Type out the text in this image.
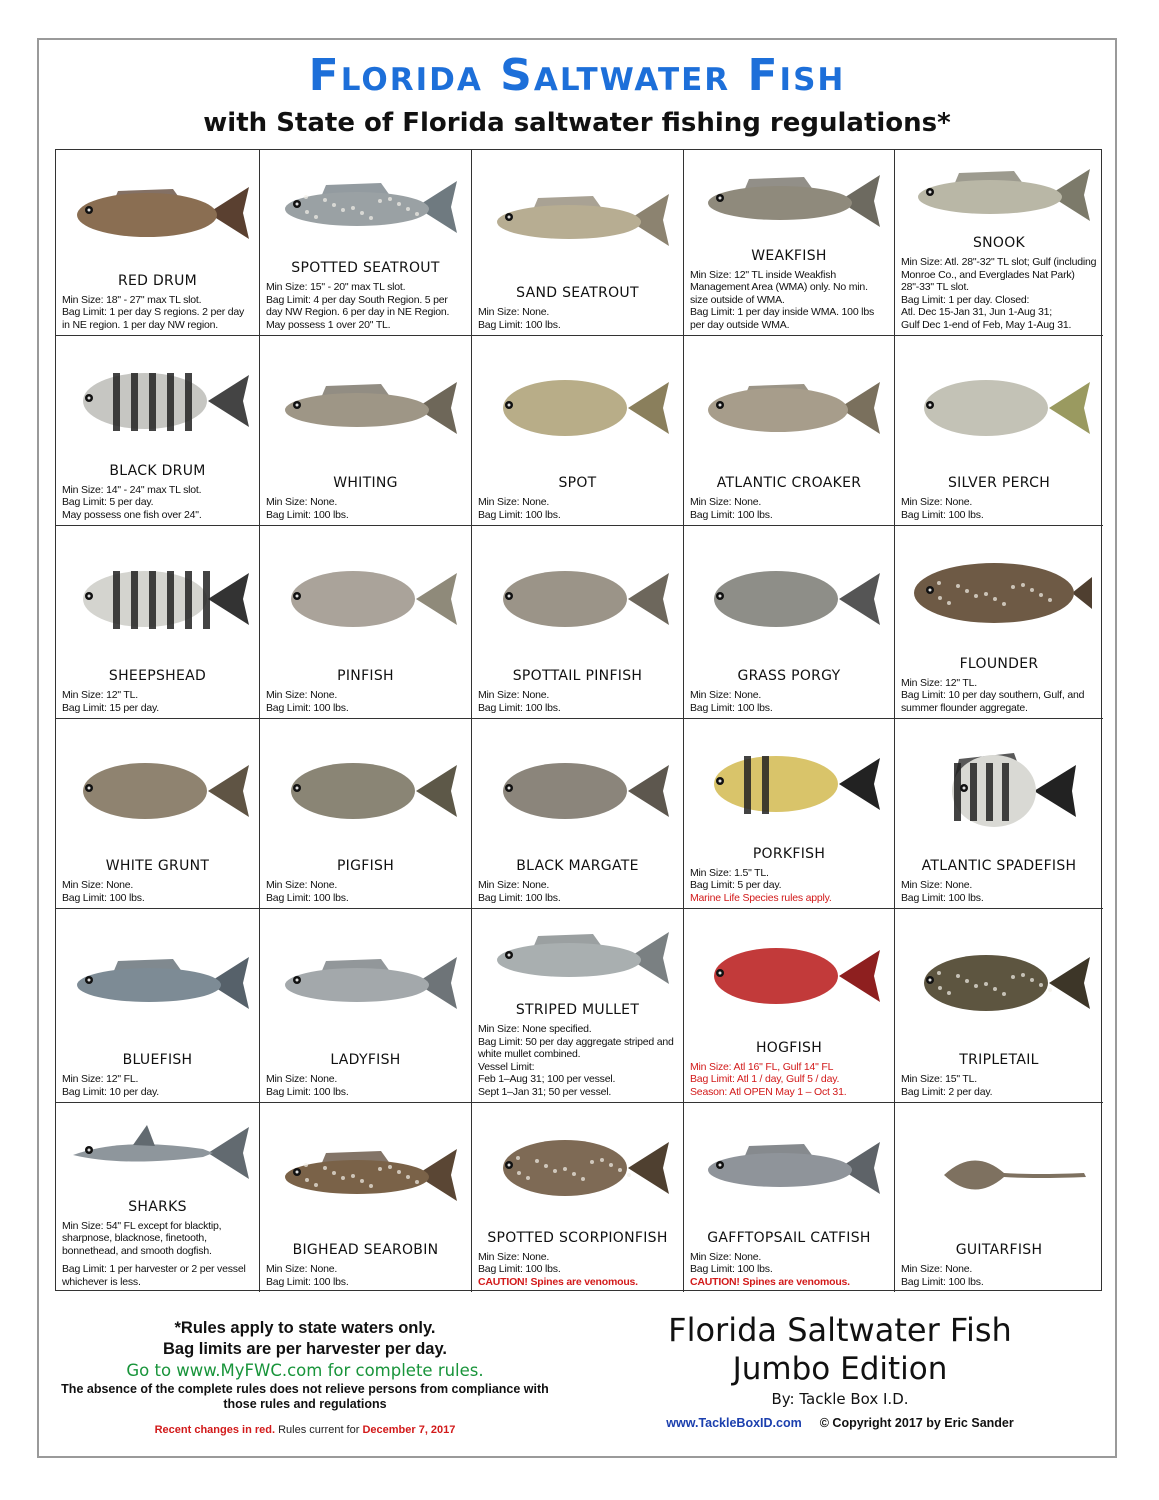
Florida Saltwater Fish
with State of Florida saltwater fishing regulations*
RED DRUM

Min Size: 18" - 27" max TL slot.

Bag Limit: 1 per day S regions. 2 per day in NE region. 1 per day NW region.

SPOTTED SEATROUT

Min Size: 15" - 20" max TL slot.

Bag Limit: 4 per day South Region. 5 per day NW Region. 6 per day in NE Region. May possess 1 over 20" TL.

SAND SEATROUT

Min Size: None.

Bag Limit: 100 lbs.

WEAKFISH

Min Size: 12" TL inside Weakfish Management Area (WMA) only. No min. size outside of WMA.

Bag Limit: 1 per day inside WMA. 100 lbs per day outside WMA.

SNOOK

Min Size: Atl. 28"-32" TL slot; Gulf (including Monroe Co., and Everglades Nat Park) 28"-33" TL slot.

Bag Limit: 1 per day. Closed:

Atl. Dec 15-Jan 31, Jun 1-Aug 31;

Gulf Dec 1-end of Feb, May 1-Aug 31.

BLACK DRUM

Min Size: 14" - 24" max TL slot.

Bag Limit: 5 per day.

May possess one fish over 24".

WHITING

Min Size: None.

Bag Limit: 100 lbs.

SPOT

Min Size: None.

Bag Limit: 100 lbs.

ATLANTIC CROAKER

Min Size: None.

Bag Limit: 100 lbs.

SILVER PERCH

Min Size: None.

Bag Limit: 100 lbs.

SHEEPSHEAD

Min Size: 12" TL.

Bag Limit: 15 per day.

PINFISH

Min Size: None.

Bag Limit: 100 lbs.

SPOTTAIL PINFISH

Min Size: None.

Bag Limit: 100 lbs.

GRASS PORGY

Min Size: None.

Bag Limit: 100 lbs.

FLOUNDER

Min Size: 12" TL.

Bag Limit: 10 per day southern, Gulf, and summer flounder aggregate.

WHITE GRUNT

Min Size: None.

Bag Limit: 100 lbs.

PIGFISH

Min Size: None.

Bag Limit: 100 lbs.

BLACK MARGATE

Min Size: None.

Bag Limit: 100 lbs.

PORKFISH

Min Size: 1.5" TL.

Bag Limit: 5 per day.

Marine Life Species rules apply.

ATLANTIC SPADEFISH

Min Size: None.

Bag Limit: 100 lbs.

BLUEFISH

Min Size: 12" FL.

Bag Limit: 10 per day.

LADYFISH

Min Size: None.

Bag Limit: 100 lbs.

STRIPED MULLET

Min Size: None specified.

Bag Limit: 50 per day aggregate striped and white mullet combined.

Vessel Limit:

Feb 1–Aug 31; 100 per vessel.

Sept 1–Jan 31; 50 per vessel.

HOGFISH

Min Size: Atl 16" FL, Gulf 14" FL

Bag Limit: Atl 1 / day, Gulf 5 / day.

Season: Atl OPEN May 1 – Oct 31.

TRIPLETAIL

Min Size: 15" TL.

Bag Limit: 2 per day.

SHARKS

Min Size: 54" FL except for blacktip, sharpnose, blacknose, finetooth, bonnethead, and smooth dogfish.

Bag Limit: 1 per harvester or 2 per vessel whichever is less.

BIGHEAD SEAROBIN

Min Size: None.

Bag Limit: 100 lbs.

SPOTTED SCORPIONFISH

Min Size: None.

Bag Limit: 100 lbs.

CAUTION! Spines are venomous.

GAFFTOPSAIL CATFISH

Min Size: None.

Bag Limit: 100 lbs.

CAUTION! Spines are venomous.

GUITARFISH

Min Size: None.

Bag Limit: 100 lbs.

*Rules apply to state waters only.
Bag limits are per harvester per day.
Go to www.MyFWC.com for complete rules.
The absence of the complete rules does not relieve persons from compliance with those rules and regulations
Recent changes in red. Rules current for December 7, 2017
Florida Saltwater Fish
Jumbo Edition
By: Tackle Box I.D.
www.TackleBoxID.com © Copyright 2017 by Eric Sander
